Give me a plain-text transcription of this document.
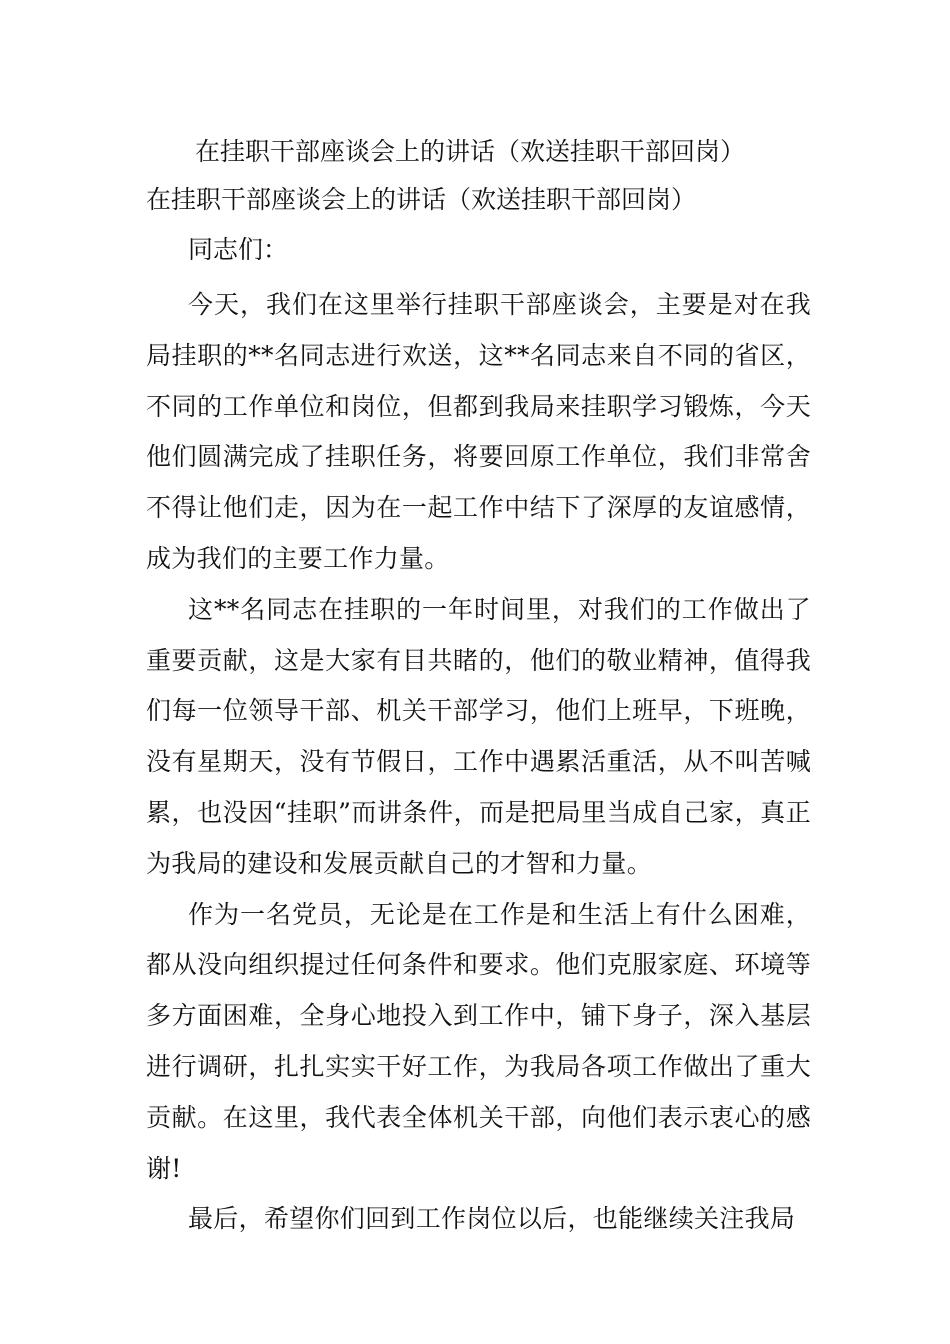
在挂职干部座谈会上的讲话（欢送挂职干部回岗）
在挂职干部座谈会上的讲话（欢送挂职干部回岗）

同志们：

今天，我们在这里举行挂职干部座谈会，主要是对在我局挂职的**名同志进行欢送，这**名同志来自不同的省区，不同的工作单位和岗位，但都到我局来挂职学习锻炼，今天他们圆满完成了挂职任务，将要回原工作单位，我们非常舍不得让他们走，因为在一起工作中结下了深厚的友谊感情，成为我们的主要工作力量。

这**名同志在挂职的一年时间里，对我们的工作做出了重要贡献，这是大家有目共睹的，他们的敬业精神，值得我们每一位领导干部、机关干部学习，他们上班早，下班晚，没有星期天，没有节假日，工作中遇累活重活，从不叫苦喊累，也没因“挂职”而讲条件，而是把局里当成自己家，真正为我局的建设和发展贡献自己的才智和力量。

作为一名党员，无论是在工作是和生活上有什么困难，都从没向组织提过任何条件和要求。他们克服家庭、环境等多方面困难，全身心地投入到工作中，铺下身子，深入基层进行调研，扎扎实实干好工作，为我局各项工作做出了重大贡献。在这里，我代表全体机关干部，向他们表示衷心的感谢!

最后，希望你们回到工作岗位以后，也能继续关注我局
